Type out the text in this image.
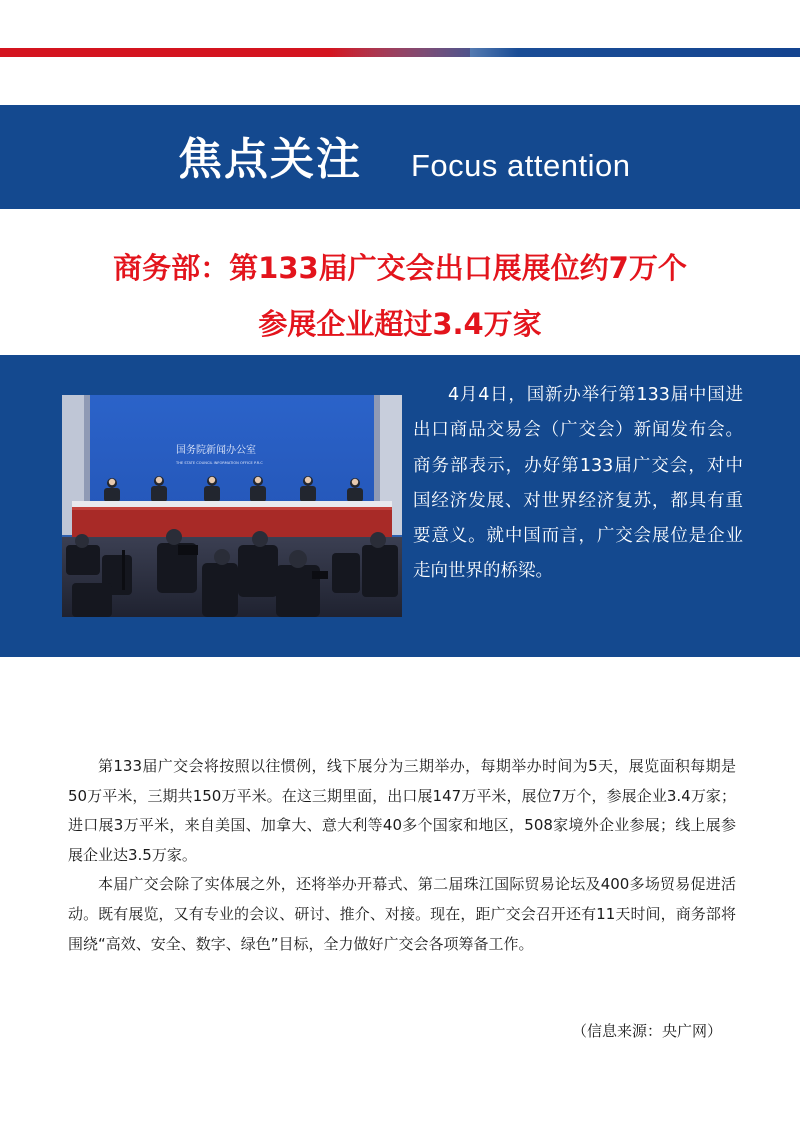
焦点关注 Focus attention
商务部：第133届广交会出口展展位约7万个
参展企业超过3.4万家
国务院新闻办公室
THE STATE COUNCIL INFORMATION OFFICE P.R.C

4月4日，国新办举行第133届中国进出口商品交易会（广交会）新闻发布会。商务部表示，办好第133届广交会，对中国经济发展、对世界经济复苏，都具有重要意义。就中国而言，广交会展位是企业走向世界的桥梁。

第133届广交会将按照以往惯例，线下展分为三期举办，每期举办时间为5天，展览面积每期是50万平米，三期共150万平米。在这三期里面，出口展147万平米，展位7万个，参展企业3.4万家；进口展3万平米，来自美国、加拿大、意大利等40多个国家和地区，508家境外企业参展；线上展参展企业达3.5万家。

本届广交会除了实体展之外，还将举办开幕式、第二届珠江国际贸易论坛及400多场贸易促进活动。既有展览，又有专业的会议、研讨、推介、对接。现在，距广交会召开还有11天时间，商务部将围绕“高效、安全、数字、绿色”目标，全力做好广交会各项筹备工作。

（信息来源：央广网）
